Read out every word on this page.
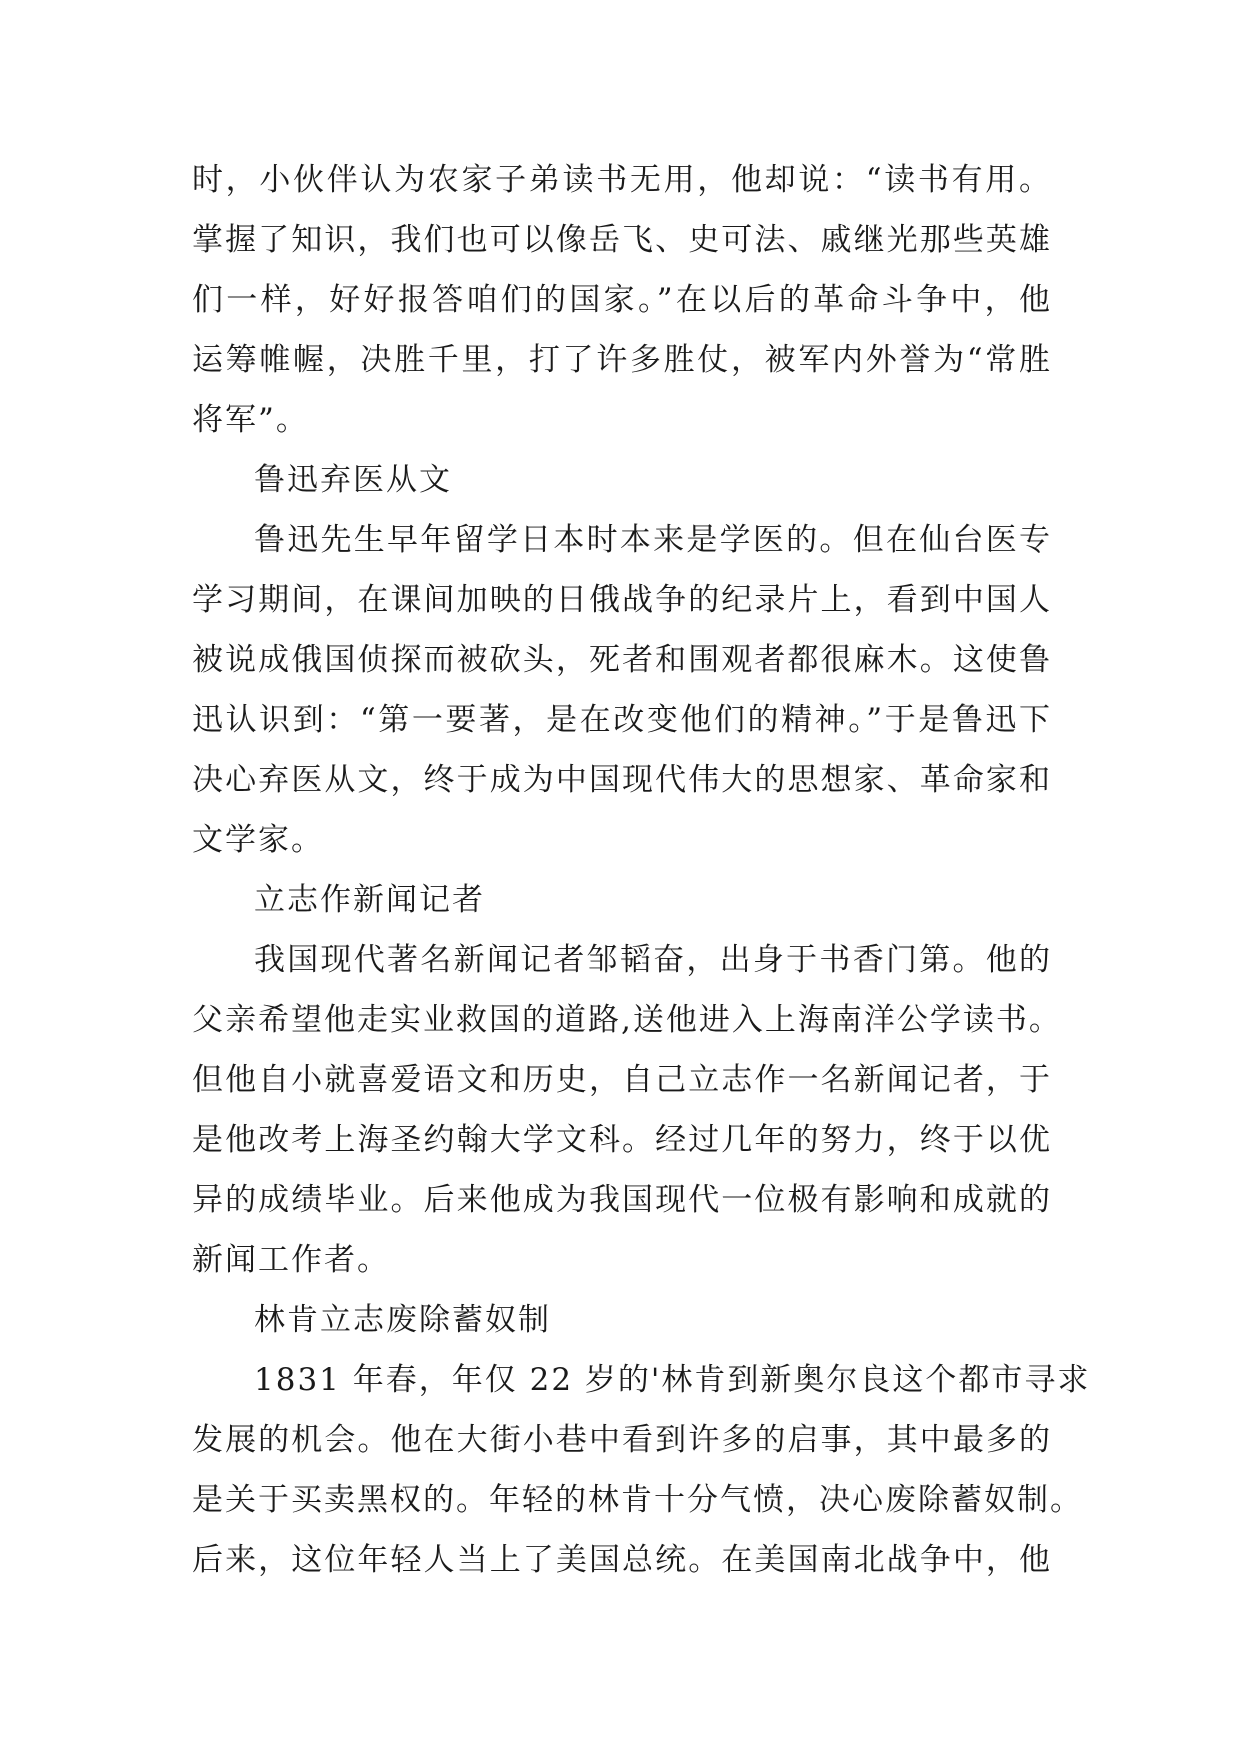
时，小伙伴认为农家子弟读书无用，他却说：“读书有用。
掌握了知识，我们也可以像岳飞、史可法、戚继光那些英雄
们一样，好好报答咱们的国家。”在以后的革命斗争中，他
运筹帷幄，决胜千里，打了许多胜仗，被军内外誉为“常胜
将军”。
鲁迅弃医从文
鲁迅先生早年留学日本时本来是学医的。但在仙台医专
学习期间，在课间加映的日俄战争的纪录片上，看到中国人
被说成俄国侦探而被砍头，死者和围观者都很麻木。这使鲁
迅认识到：“第一要著，是在改变他们的精神。”于是鲁迅下
决心弃医从文，终于成为中国现代伟大的思想家、革命家和
文学家。
立志作新闻记者
我国现代著名新闻记者邹韬奋，出身于书香门第。他的
父亲希望他走实业救国的道路,送他进入上海南洋公学读书。
但他自小就喜爱语文和历史，自己立志作一名新闻记者，于
是他改考上海圣约翰大学文科。经过几年的努力，终于以优
异的成绩毕业。后来他成为我国现代一位极有影响和成就的
新闻工作者。
林肯立志废除蓄奴制
1831 年春，年仅 22 岁的'林肯到新奥尔良这个都市寻求
发展的机会。他在大街小巷中看到许多的启事，其中最多的
是关于买卖黑权的。年轻的林肯十分气愤，决心废除蓄奴制。
后来，这位年轻人当上了美国总统。在美国南北战争中，他
